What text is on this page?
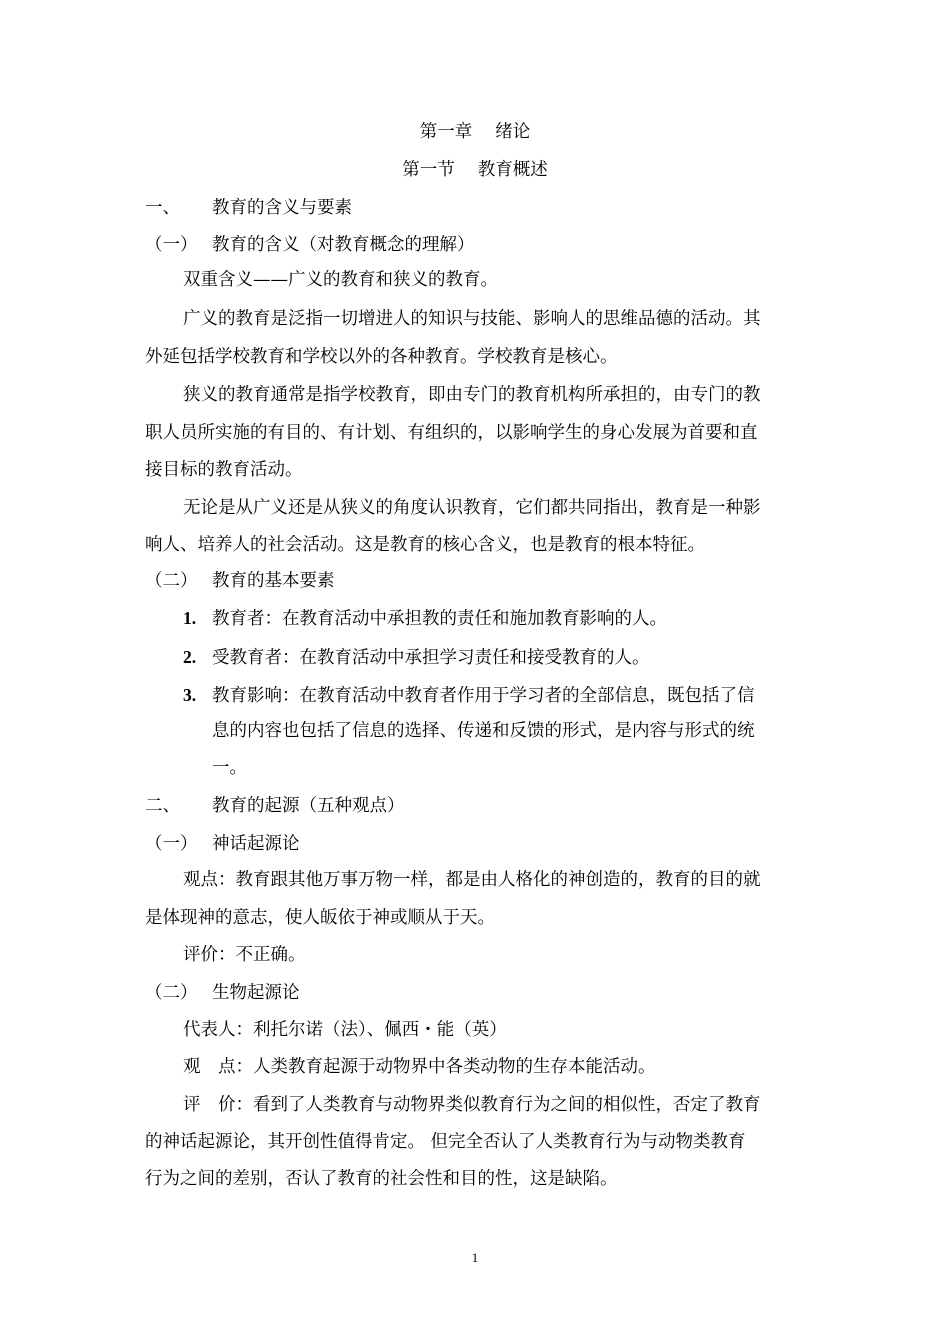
第一章　 绪论
第一节　 教育概述
一、 教育的含义与要素
（一） 教育的含义（对教育概念的理解）
双重含义——广义的教育和狭义的教育。
广义的教育是泛指一切增进人的知识与技能、影响人的思维品德的活动。其
外延包括学校教育和学校以外的各种教育。学校教育是核心。
狭义的教育通常是指学校教育，即由专门的教育机构所承担的，由专门的教
职人员所实施的有目的、有计划、有组织的，以影响学生的身心发展为首要和直
接目标的教育活动。
无论是从广义还是从狭义的角度认识教育，它们都共同指出，教育是一种影
响人、培养人的社会活动。这是教育的核心含义，也是教育的根本特征。
（二） 教育的基本要素
1. 教育者：在教育活动中承担教的责任和施加教育影响的人。
2. 受教育者：在教育活动中承担学习责任和接受教育的人。
3. 教育影响：在教育活动中教育者作用于学习者的全部信息，既包括了信
息的内容也包括了信息的选择、传递和反馈的形式，是内容与形式的统
一。
二、 教育的起源（五种观点）
（一） 神话起源论
观点：教育跟其他万事万物一样，都是由人格化的神创造的，教育的目的就
是体现神的意志，使人皈依于神或顺从于天。
评价：不正确。
（二） 生物起源论
代表人：利托尔诺（法）、佩西・能（英）
观　点：人类教育起源于动物界中各类动物的生存本能活动。
评　价：看到了人类教育与动物界类似教育行为之间的相似性，否定了教育
的神话起源论，其开创性值得肯定。 但完全否认了人类教育行为与动物类教育
行为之间的差别，否认了教育的社会性和目的性，这是缺陷。
1
